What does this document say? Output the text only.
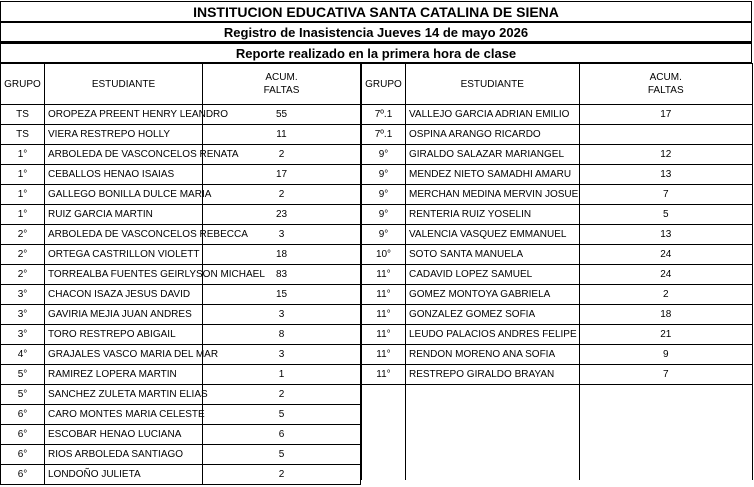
INSTITUCION EDUCATIVA SANTA CATALINA DE SIENA
Registro de Inasistencia Jueves 14 de mayo 2026
Reporte realizado en la primera hora de clase
GRUPO	ESTUDIANTE	ACUM.
FALTAS
TS	OROPEZA PREENT HENRY LEANDRO	55
TS	VIERA RESTREPO HOLLY	11
1°	ARBOLEDA DE VASCONCELOS RENATA	2
1°	CEBALLOS HENAO ISAIAS	17
1°	GALLEGO BONILLA DULCE MARIA	2
1°	RUIZ GARCIA MARTIN	23
2°	ARBOLEDA DE VASCONCELOS REBECCA	3
2°	ORTEGA CASTRILLON VIOLETT	18
2°	TORREALBA FUENTES GEIRLYSON MICHAEL	83
3°	CHACON ISAZA JESUS DAVID	15
3°	GAVIRIA MEJIA JUAN ANDRES	3
3°	TORO RESTREPO ABIGAIL	8
4°	GRAJALES VASCO MARIA DEL MAR	3
5°	RAMIREZ LOPERA MARTIN	1
5°	SANCHEZ ZULETA MARTIN ELIAS	2
6°	CARO MONTES MARIA CELESTE	5
6°	ESCOBAR HENAO LUCIANA	6
6°	RIOS ARBOLEDA SANTIAGO	5
6°	LONDOÑO JULIETA	2
GRUPO	ESTUDIANTE	ACUM.
FALTAS
7º.1	VALLEJO GARCIA ADRIAN EMILIO	17
7º.1	OSPINA ARANGO RICARDO	
9°	GIRALDO SALAZAR MARIANGEL	12
9°	MENDEZ NIETO SAMADHI AMARU	13
9°	MERCHAN MEDINA MERVIN JOSUE	7
9°	RENTERIA RUIZ YOSELIN	5
9°	VALENCIA VASQUEZ EMMANUEL	13
10°	SOTO SANTA MANUELA	24
11°	CADAVID LOPEZ SAMUEL	24
11°	GOMEZ MONTOYA GABRIELA	2
11°	GONZALEZ GOMEZ SOFIA	18
11°	LEUDO PALACIOS ANDRES FELIPE	21
11°	RENDON MORENO ANA SOFIA	9
11°	RESTREPO GIRALDO BRAYAN	7
